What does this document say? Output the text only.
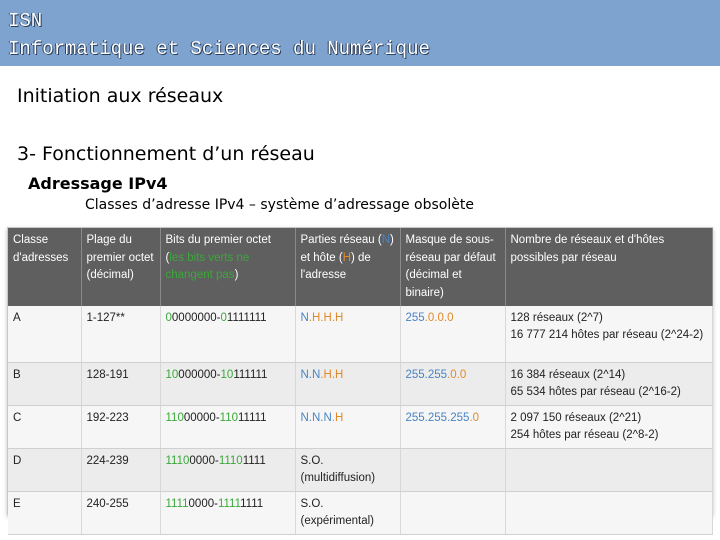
ISN
Informatique et Sciences du Numérique
Initiation aux réseaux
3- Fonctionnement d’un réseau
Adressage IPv4
Classes d’adresse IPv4 – système d’adressage obsolète
Classe d'adresses	Plage du premier octet (décimal)	Bits du premier octet (les bits verts ne changent pas)	Parties réseau (N) et hôte (H) de l'adresse	Masque de sous-réseau par défaut (décimal et binaire)	Nombre de réseaux et d'hôtes possibles par réseau
A	1-127**	00000000-01111111	N.H.H.H	255.0.0.0	128 réseaux (2^7)
16 777 214 hôtes par réseau (2^24-2)

B	128-191	10000000-10111111	N.N.H.H	255.255.0.0	16 384 réseaux (2^14)
65 534 hôtes par réseau (2^16-2)

C	192-223	11000000-11011111	N.N.N.H	255.255.255.0	2 097 150 réseaux (2^21)
254 hôtes par réseau (2^8-2)

D	224-239	11100000-11101111	S.O. (multidiffusion)		
E	240-255	11110000-11111111	S.O. (expérimental)		
